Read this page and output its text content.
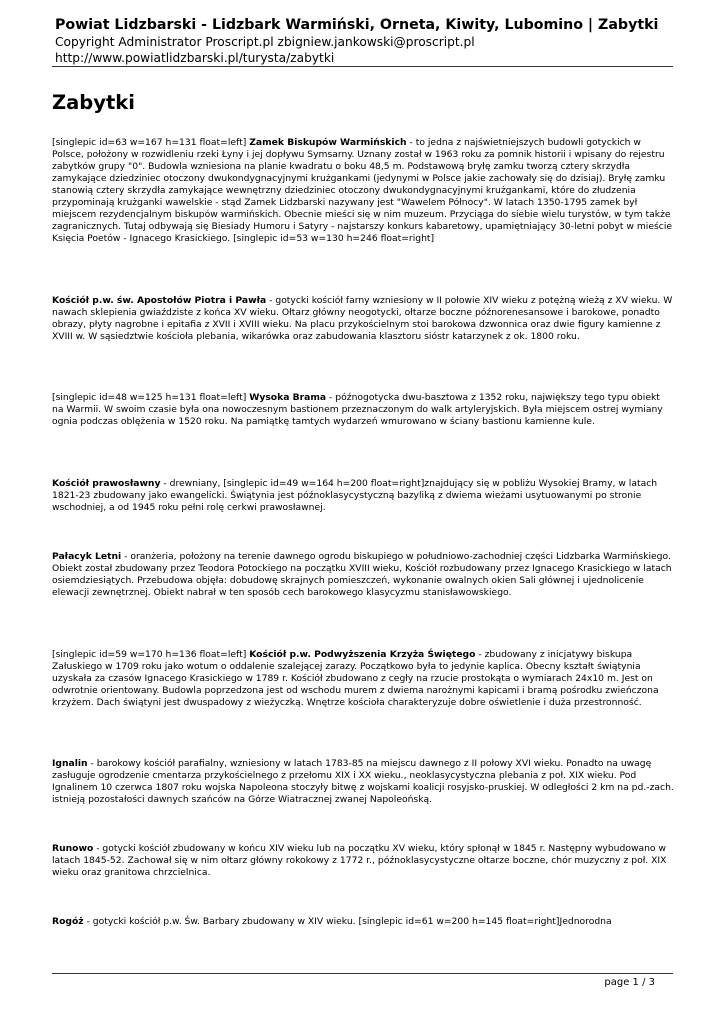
Powiat Lidzbarski - Lidzbark Warmiński, Orneta, Kiwity, Lubomino | Zabytki
Copyright Administrator Proscript.pl zbigniew.jankowski@proscript.pl
http://www.powiatlidzbarski.pl/turysta/zabytki
Zabytki

[singlepic id=63 w=167 h=131 float=left] Zamek Biskupów Warmińskich - to jedna z najświetniejszych budowli gotyckich w Polsce, położony w rozwidleniu rzeki Łyny i jej dopływu Symsarny. Uznany został w 1963 roku za pomnik historii i wpisany do rejestru zabytków grupy "0". Budowla wzniesiona na planie kwadratu o boku 48,5 m. Podstawową bryłę zamku tworzą cztery skrzydła zamykające dziedziniec otoczony dwukondygnacyjnymi krużgankami (jedynymi w Polsce jakie zachowały się do dzisiaj). Bryłę zamku stanowią cztery skrzydła zamykające wewnętrzny dziedziniec otoczony dwukondygnacyjnymi krużgankami, które do złudzenia przypominają krużganki wawelskie - stąd Zamek Lidzbarski nazywany jest "Wawelem Północy". W latach 1350-1795 zamek był miejscem rezydencjalnym biskupów warmińskich. Obecnie mieści się w nim muzeum. Przyciąga do siebie wielu turystów, w tym także zagranicznych. Tutaj odbywają się Biesiady Humoru i Satyry - najstarszy konkurs kabaretowy, upamiętniający 30-letni pobyt w mieście Księcia Poetów - Ignacego Krasickiego. [singlepic id=53 w=130 h=246 float=right]

Kościół p.w. św. Apostołów Piotra i Pawła - gotycki kościół farny wzniesiony w II połowie XIV wieku z potężną wieżą z XV wieku. W nawach sklepienia gwiaździste z końca XV wieku. Ołtarz główny neogotycki, ołtarze boczne późnorenesansowe i barokowe, ponadto obrazy, płyty nagrobne i epitafia z XVII i XVIII wieku. Na placu przykościelnym stoi barokowa dzwonnica oraz dwie figury kamienne z XVIII w. W sąsiedztwie kościoła plebania, wikarówka oraz zabudowania klasztoru sióstr katarzynek z ok. 1800 roku.

[singlepic id=48 w=125 h=131 float=left] Wysoka Brama - późnogotycka dwu-basztowa z 1352 roku, największy tego typu obiekt na Warmii. W swoim czasie była ona nowoczesnym bastionem przeznaczonym do walk artyleryjskich. Była miejscem ostrej wymiany ognia podczas oblężenia w 1520 roku. Na pamiątkę tamtych wydarzeń wmurowano w ściany bastionu kamienne kule.

Kościół prawosławny - drewniany, [singlepic id=49 w=164 h=200 float=right]znajdujący się w pobliżu Wysokiej Bramy, w latach 1821-23 zbudowany jako ewangelicki. Świątynia jest późnoklasycystyczną bazyliką z dwiema wieżami usytuowanymi po stronie wschodniej, a od 1945 roku pełni rolę cerkwi prawosławnej.

Pałacyk Letni - oranżeria, położony na terenie dawnego ogrodu biskupiego w południowo-zachodniej części Lidzbarka Warmińskiego. Obiekt został zbudowany przez Teodora Potockiego na początku XVIII wieku, Kościół rozbudowany przez Ignacego Krasickiego w latach osiemdziesiątych. Przebudowa objęła: dobudowę skrajnych pomieszczeń, wykonanie owalnych okien Sali głównej i ujednolicenie elewacji zewnętrznej. Obiekt nabrał w ten sposób cech barokowego klasycyzmu stanisławowskiego.

[singlepic id=59 w=170 h=136 float=left] Kościół p.w. Podwyższenia Krzyża Świętego - zbudowany z inicjatywy biskupa Załuskiego w 1709 roku jako wotum o oddalenie szalejącej zarazy. Początkowo była to jedynie kaplica. Obecny kształt świątynia uzyskała za czasów Ignacego Krasickiego w 1789 r. Kościół zbudowano z cegły na rzucie prostokąta o wymiarach 24x10 m. Jest on odwrotnie orientowany. Budowla poprzedzona jest od wschodu murem z dwiema narożnymi kapicami i bramą pośrodku zwieńczona krzyżem. Dach świątyni jest dwuspadowy z wieżyczką. Wnętrze kościoła charakteryzuje dobre oświetlenie i duża przestronność.

Ignalin - barokowy kościół parafialny, wzniesiony w latach 1783-85 na miejscu dawnego z II połowy XVI wieku. Ponadto na uwagę zasługuje ogrodzenie cmentarza przykościelnego z przełomu XIX i XX wieku., neoklasycystyczna plebania z poł. XIX wieku. Pod Ignalinem 10 czerwca 1807 roku wojska Napoleona stoczyły bitwę z wojskami koalicji rosyjsko-pruskiej. W odległości 2 km na pd.-zach. istnieją pozostałości dawnych szańców na Górze Wiatracznej zwanej Napoleońską.

Runowo - gotycki kościół zbudowany w końcu XIV wieku lub na początku XV wieku, który spłonął w 1845 r. Następny wybudowano w latach 1845-52. Zachował się w nim ołtarz główny rokokowy z 1772 r., późnoklasycystyczne ołtarze boczne, chór muzyczny z poł. XIX wieku oraz granitowa chrzcielnica.

Rogóż - gotycki kościół p.w. Św. Barbary zbudowany w XIV wieku. [singlepic id=61 w=200 h=145 float=right]Jednorodna

page 1 / 3
